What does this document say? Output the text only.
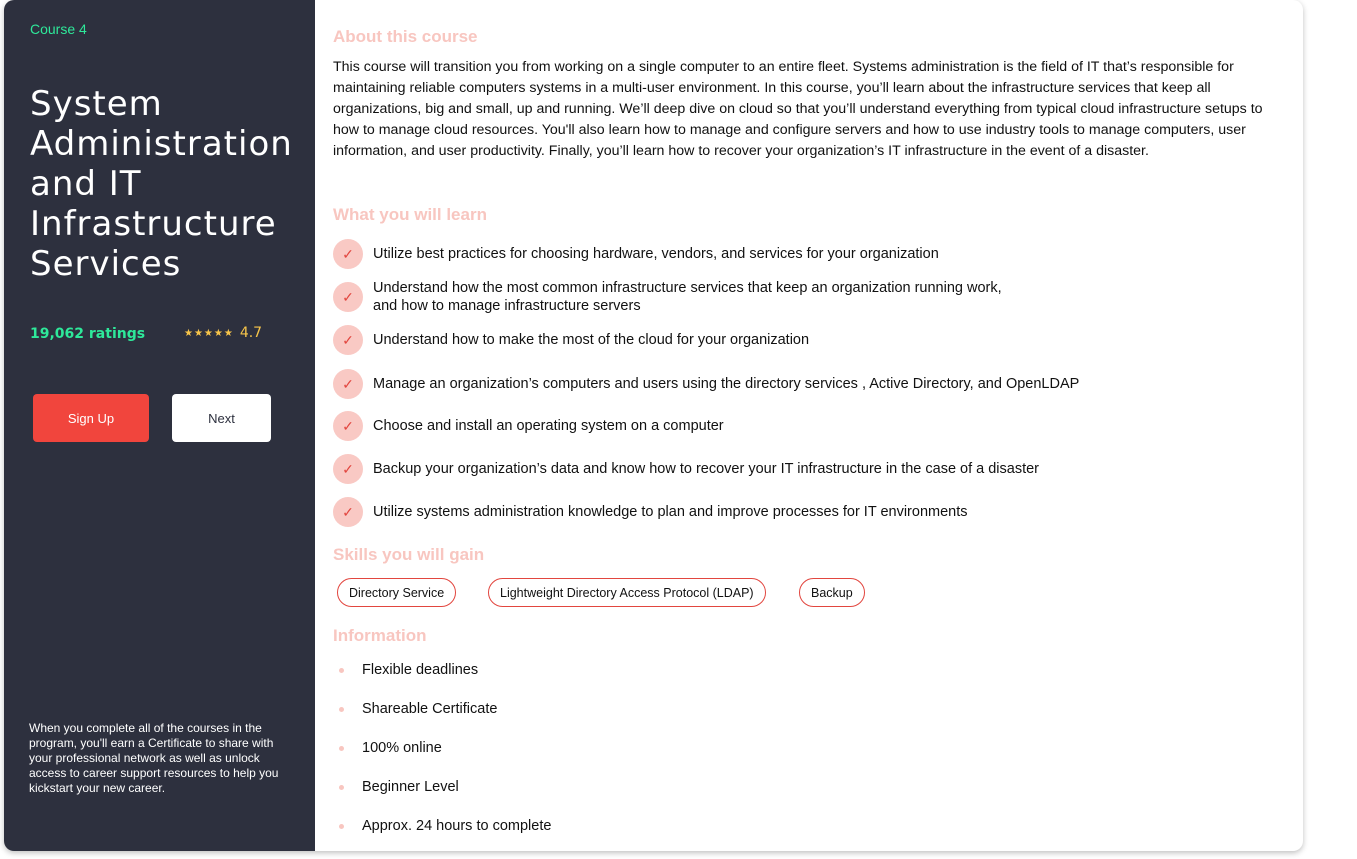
Course 4
System
Administration
and IT
Infrastructure
Services
19,062 ratings	★★★★★ 4.7
Sign Up	Next
When you complete all of the courses in the program, you'll earn a Certificate to share with your professional network as well as unlock access to career support resources to help you kickstart your new career.
About this course

This course will transition you from working on a single computer to an entire fleet. Systems administration is the field of IT that’s responsible for maintaining reliable computers systems in a multi-user environment. In this course, you’ll learn about the infrastructure services that keep all organizations, big and small, up and running. We’ll deep dive on cloud so that you’ll understand everything from typical cloud infrastructure setups to how to manage cloud resources. You'll also learn how to manage and configure servers and how to use industry tools to manage computers, user information, and user productivity. Finally, you’ll learn how to recover your organization’s IT infrastructure in the event of a disaster.

What you will learn
✓	Utilize best practices for choosing hardware, vendors, and services for your organization
✓
Understand how the most common infrastructure services that keep an organization running work,
and how to manage infrastructure servers
✓	Understand how to make the most of the cloud for your organization
✓	Manage an organization’s computers and users using the directory services , Active Directory, and OpenLDAP
✓	Choose and install an operating system on a computer
✓	Backup your organization’s data and know how to recover your IT infrastructure in the case of a disaster
✓	Utilize systems administration knowledge to plan and improve processes for IT environments
Skills you will gain
Directory Service	Lightweight Directory Access Protocol (LDAP)	Backup
Information
Flexible deadlines
Shareable Certificate
100% online
Beginner Level
Approx. 24 hours to complete
